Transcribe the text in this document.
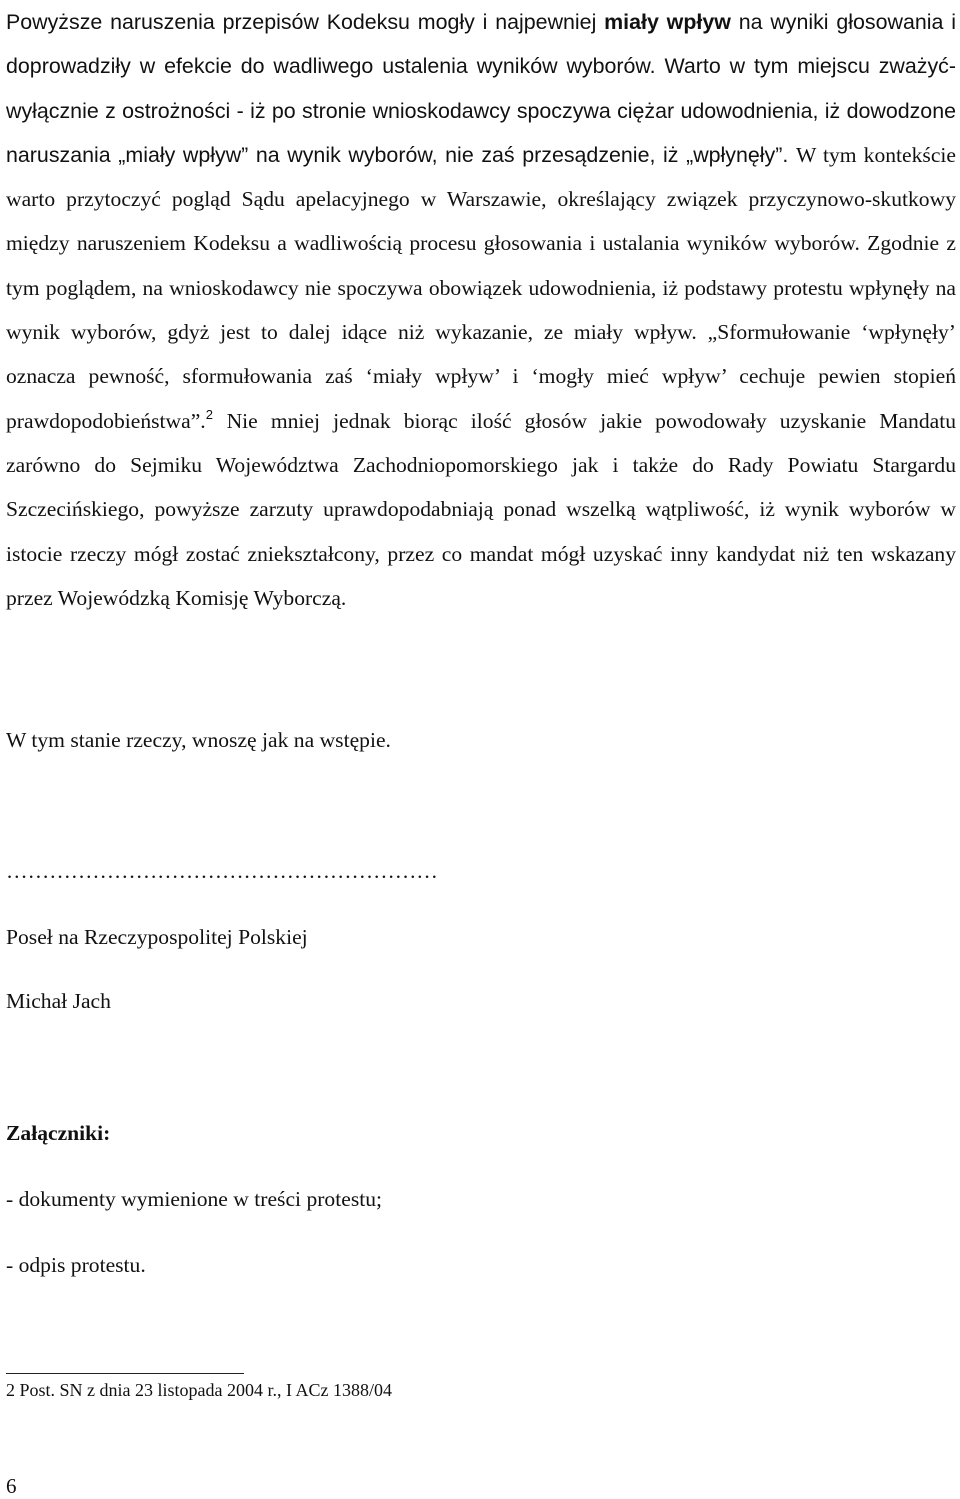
Powyższe naruszenia przepisów Kodeksu mogły i najpewniej miały wpływ na wyniki głosowania i doprowadziły w efekcie do wadliwego ustalenia wyników wyborów. Warto w tym miejscu zważyć- wyłącznie z ostrożności - iż po stronie wnioskodawcy spoczywa ciężar udowodnienia, iż dowodzone naruszania „miały wpływ” na wynik wyborów, nie zaś przesądzenie, iż „wpłynęły”. W tym kontekście warto przytoczyć pogląd Sądu apelacyjnego w Warszawie, określający związek przyczynowo-skutkowy między naruszeniem Kodeksu a wadliwością procesu głosowania i ustalania wyników wyborów. Zgodnie z tym poglądem, na wnioskodawcy nie spoczywa obowiązek udowodnienia, iż podstawy protestu wpłynęły na wynik wyborów, gdyż jest to dalej idące niż wykazanie, ze miały wpływ. „Sformułowanie ‘wpłynęły’ oznacza pewność, sformułowania zaś ‘miały wpływ’ i ‘mogły mieć wpływ’ cechuje pewien stopień prawdopodobieństwa”.$^2$ Nie mniej jednak biorąc ilość głosów jakie powodowały uzyskanie Mandatu zarówno do Sejmiku Województwa Zachodniopomorskiego jak i także do Rady Powiatu Stargardu Szczecińskiego, powyższe zarzuty uprawdopodabniają ponad wszelką wątpliwość, iż wynik wyborów w istocie rzeczy mógł zostać zniekształcony, przez co mandat mógł uzyskać inny kandydat niż ten wskazany przez Wojewódzką Komisję Wyborczą.

W tym stanie rzeczy, wnoszę jak na wstępie.

……………………………………………………

Poseł na Rzeczypospolitej Polskiej

Michał Jach

Załączniki:

- dokumenty wymienione w treści protestu;

- odpis protestu.

2 Post. SN z dnia 23 listopada 2004 r., I ACz 1388/04

6
